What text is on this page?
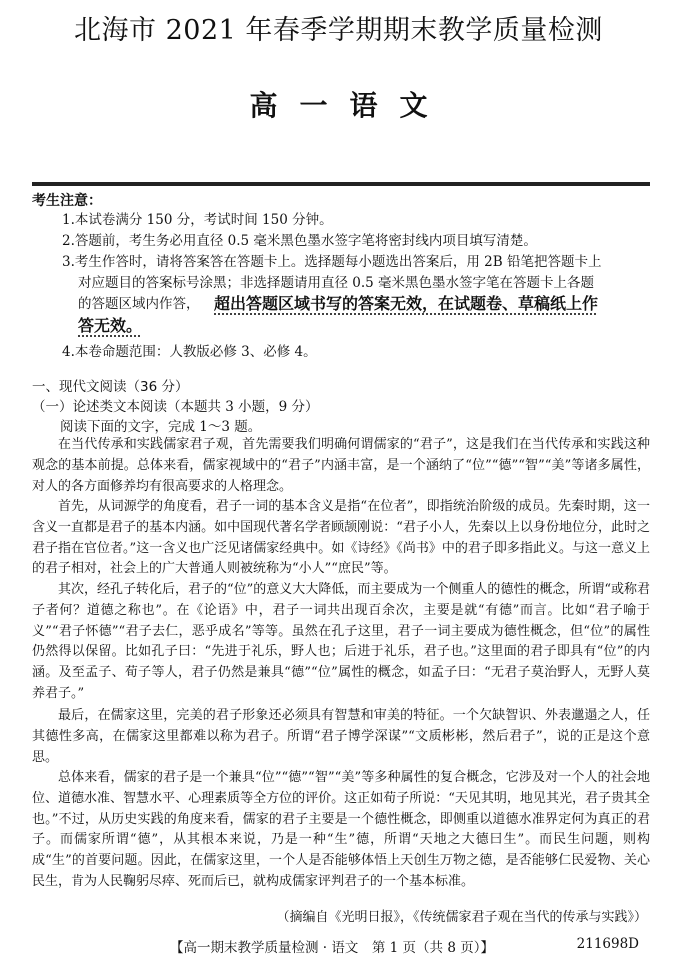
北海市 2021 年春季学期期末教学质量检测
高一语文
考生注意：
1.本试卷满分 150 分，考试时间 150 分钟。
2.答题前，考生务必用直径 0.5 毫米黑色墨水签字笔将密封线内项目填写清楚。
3.考生作答时，请将答案答在答题卡上。选择题每小题选出答案后，用 2B 铅笔把答题卡上
对应题目的答案标号涂黑；非选择题请用直径 0.5 毫米黑色墨水签字笔在答题卡上各题
的答题区域内作答， 超出答题区域书写的答案无效，在试题卷、草稿纸上作
答无效。
4.本卷命题范围：人教版必修 3、必修 4。
一、现代文阅读（36 分）
（一）论述类文本阅读（本题共 3 小题，9 分）
阅读下面的文字，完成 1～3 题。
在当代传承和实践儒家君子观，首先需要我们明确何谓儒家的“君子”，这是我们在当代传承和实践这种观念的基本前提。总体来看，儒家视域中的“君子”内涵丰富，是一个涵纳了“位”“德”“智”“美”等诸多属性，对人的各方面修养均有很高要求的人格理念。
首先，从词源学的角度看，君子一词的基本含义是指“在位者”，即指统治阶级的成员。先秦时期，这一含义一直都是君子的基本内涵。如中国现代著名学者顾颉刚说：“君子小人，先秦以上以身份地位分，此时之君子指在官位者。”这一含义也广泛见诸儒家经典中。如《诗经》《尚书》中的君子即多指此义。与这一意义上的君子相对，社会上的广大普通人则被统称为“小人”“庶民”等。
其次，经孔子转化后，君子的“位”的意义大大降低，而主要成为一个侧重人的德性的概念，所谓“或称君子者何？道德之称也”。在《论语》中，君子一词共出现百余次，主要是就“有德”而言。比如“君子喻于义”“君子怀德”“君子去仁，恶乎成名”等等。虽然在孔子这里，君子一词主要成为德性概念，但“位”的属性仍然得以保留。比如孔子曰：“先进于礼乐，野人也；后进于礼乐，君子也。”这里面的君子即具有“位”的内涵。及至孟子、荀子等人，君子仍然是兼具“德”“位”属性的概念，如孟子曰：“无君子莫治野人，无野人莫养君子。”
最后，在儒家这里，完美的君子形象还必须具有智慧和审美的特征。一个欠缺智识、外表邋遢之人，任其德性多高，在儒家这里都难以称为君子。所谓“君子博学深谋”“文质彬彬，然后君子”，说的正是这个意思。
总体来看，儒家的君子是一个兼具“位”“德”“智”“美”等多种属性的复合概念，它涉及对一个人的社会地位、道德水准、智慧水平、心理素质等全方位的评价。这正如荀子所说：“天见其明，地见其光，君子贵其全也。”不过，从历史实践的角度来看，儒家的君子主要是一个德性概念，即侧重以道德水准界定何为真正的君子。而儒家所谓“德”，从其根本来说，乃是一种“生”德，所谓“天地之大德曰生”。而民生问题，则构成“生”的首要问题。因此，在儒家这里，一个人是否能够体悟上天创生万物之德，是否能够仁民爱物、关心民生，肯为人民鞠躬尽瘁、死而后已，就构成儒家评判君子的一个基本标准。
（摘编自《光明日报》，《传统儒家君子观在当代的传承与实践》）
【高一期末教学质量检测 · 语文　第 1 页（共 8 页）】	211698D
